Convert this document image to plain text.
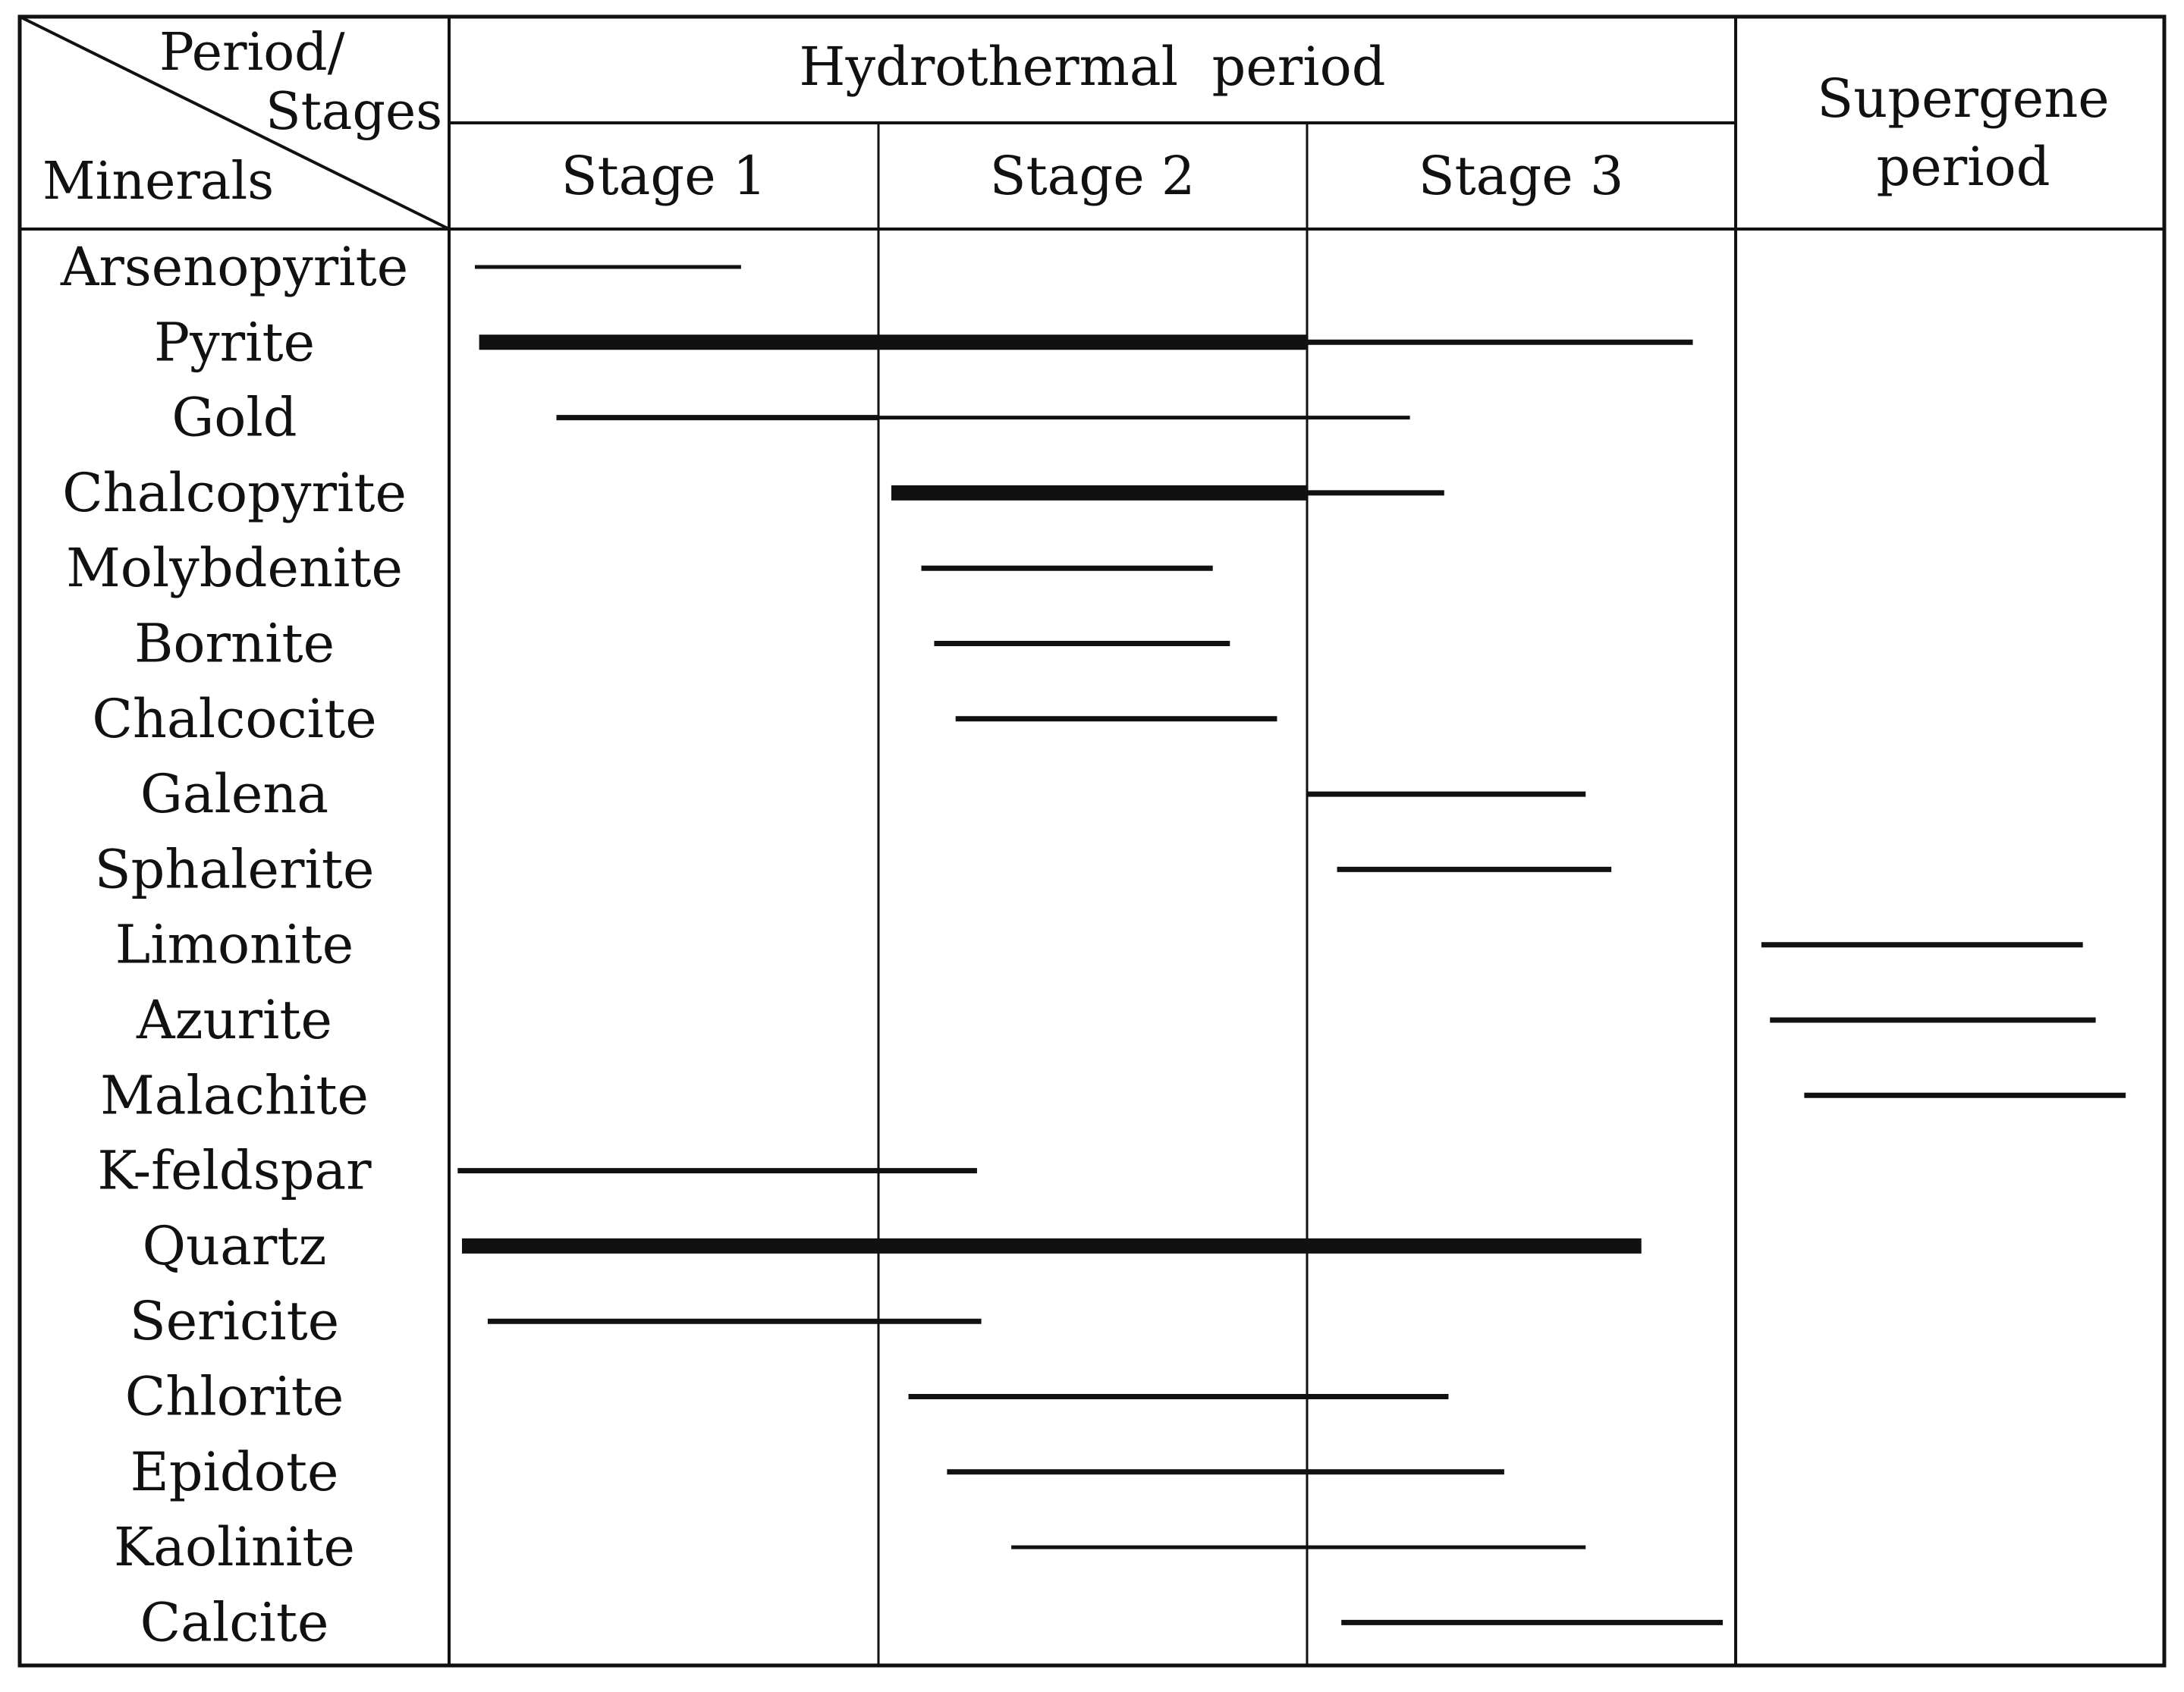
Period/
Stages
Minerals
Hydrothermal  period
Stage 1	Stage 2	Stage 3
Supergene
period
Arsenopyrite
Pyrite
Gold
Chalcopyrite
Molybdenite
Bornite
Chalcocite
Galena
Sphalerite
Limonite
Azurite
Malachite
K-feldspar
Quartz
Sericite
Chlorite
Epidote
Kaolinite
Calcite
